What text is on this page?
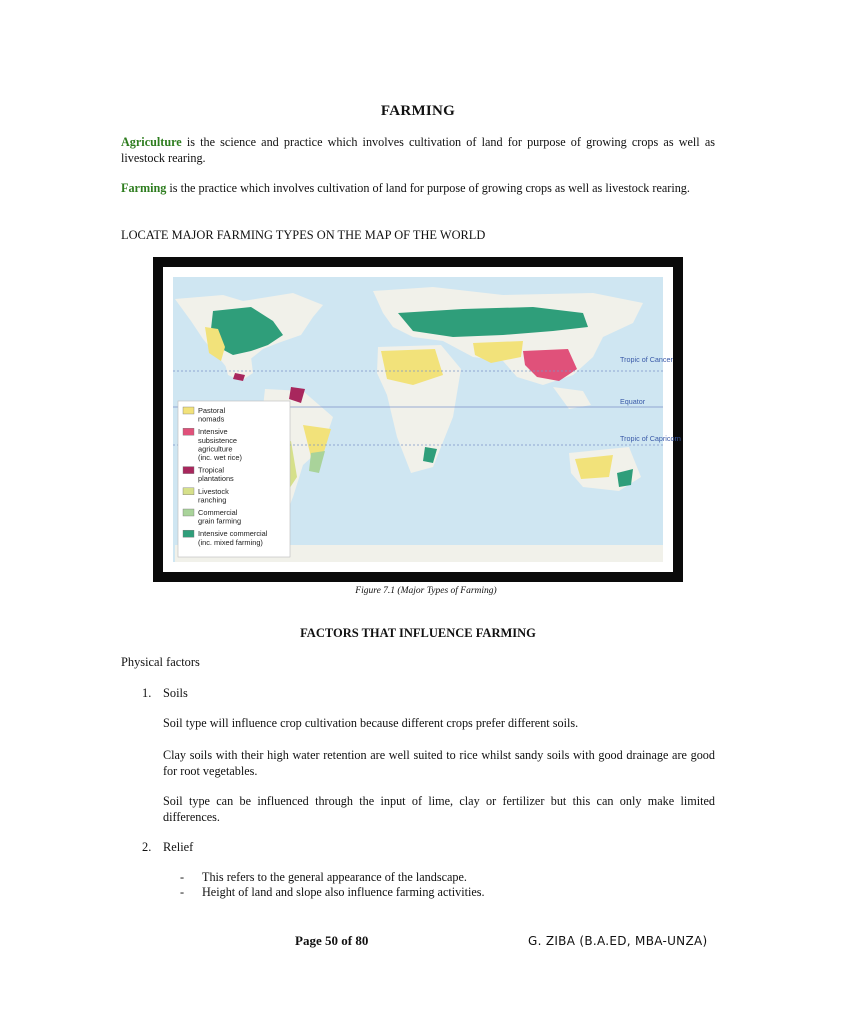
FARMING

Agriculture is the science and practice which involves cultivation of land for purpose of growing crops as well as livestock rearing.

Farming is the practice which involves cultivation of land for purpose of growing crops as well as livestock rearing.

LOCATE MAJOR FARMING TYPES ON THE MAP OF THE WORLD
Tropic of Cancer
Equator
Tropic of Capricorn
Pastoral nomads
Intensive subsistence agriculture (inc. wet rice)
Tropical plantations
Livestock ranching
Commercial grain farming
Intensive commercial (inc. mixed farming)
Figure 7.1 (Major Types of Farming)
FACTORS THAT INFLUENCE FARMING
Physical factors
1. Soils

Soil type will influence crop cultivation because different crops prefer different soils.

Clay soils with their high water retention are well suited to rice whilst sandy soils with good drainage are good for root vegetables.

Soil type can be influenced through the input of lime, clay or fertilizer but this can only make limited differences.

2. Relief
- This refers to the general appearance of the landscape.
- Height of land and slope also influence farming activities.
Page 50 of 80	G. ZIBA (B.A.ED, MBA-UNZA)
